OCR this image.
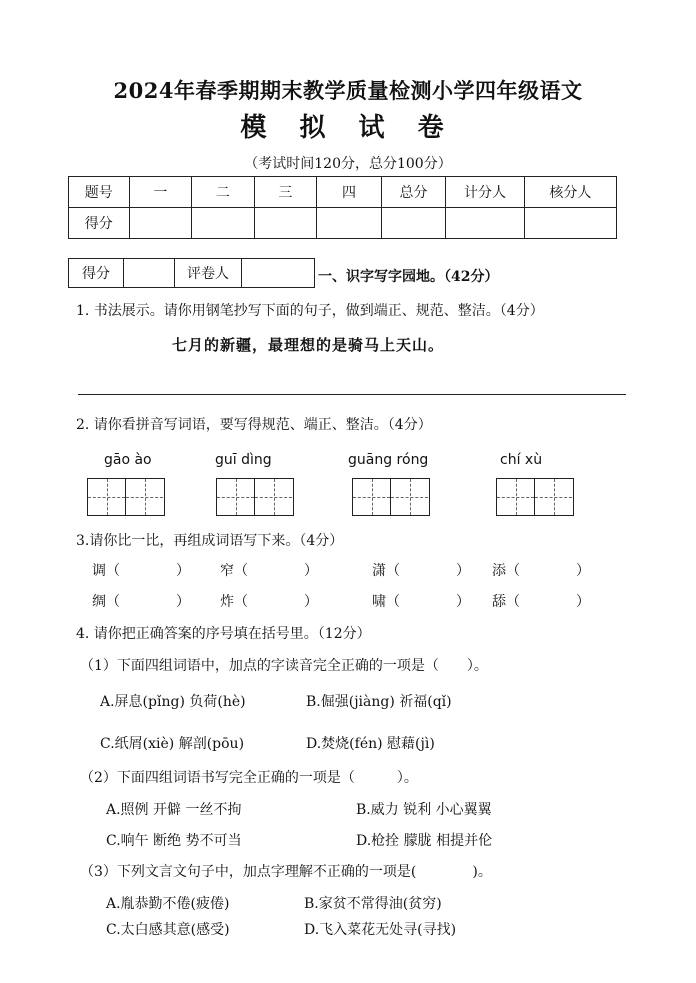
2024年春季期期末教学质量检测小学四年级语文
模 拟 试 卷
（考试时间120分，总分100分）
题号	一	二	三	四	总分	计分人	核分人
得分							
得分		评卷人		一、识字写字园地。（42分）
1. 书法展示。请你用钢笔抄写下面的句子，做到端正、规范、整洁。（4分）
七月的新疆，最理想的是骑马上天山。
2. 请你看拼音写词语，要写得规范、端正、整洁。（4分）
gāo ào	guī dìng	guāng róng	chí xù
3.请你比一比，再组成词语写下来。（4分）
调（　　　　） 窄（　　　　）	潇（　　　　） 添（　　　　）
绸（　　　　） 炸（　　　　）	啸（　　　　） 舔（　　　　）
4. 请你把正确答案的序号填在括号里。（12分）
（1）下面四组词语中，加点的字读音完全正确的一项是（　　）。
A.屏息(pǐng) 负荷(hè)	B.倔强(jiàng) 祈福(qǐ)
C.纸屑(xiè) 解剖(pōu)	D.焚烧(fén) 慰藉(jì)
（2）下面四组词语书写完全正确的一项是（　　　）。
A.照例 开僻 一丝不拘	B.威力 锐利 小心翼翼
C.响午 断绝 势不可当	D.枪拴 朦胧 相提并伦
（3）下列文言文句子中，加点字理解不正确的一项是(　　　　)。
A.胤恭勤不倦(疲倦)	B.家贫不常得油(贫穷)
C.太白感其意(感受)	D.飞入菜花无处寻(寻找)
